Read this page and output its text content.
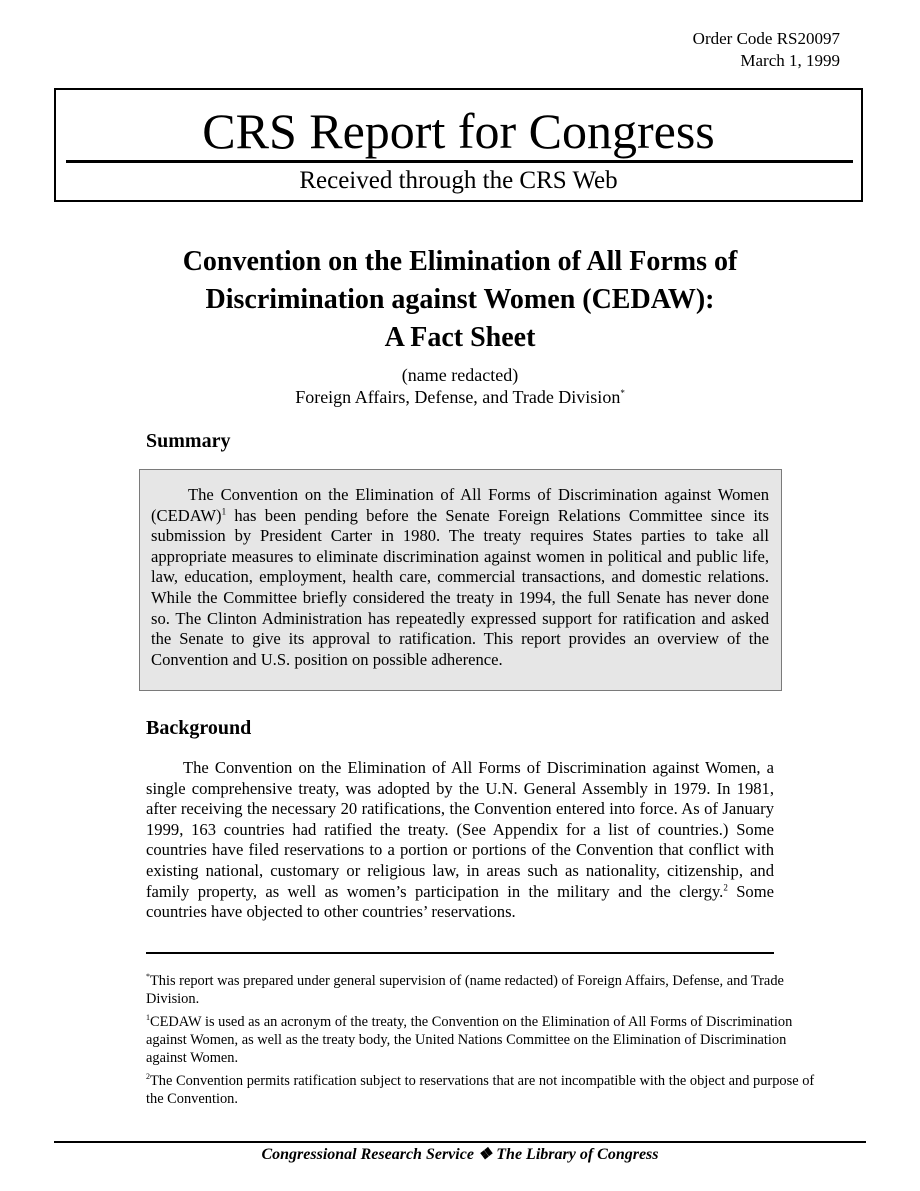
Order Code RS20097
March 1, 1999
CRS Report for Congress
Received through the CRS Web
Convention on the Elimination of All Forms of
Discrimination against Women (CEDAW):
A Fact Sheet
(name redacted)
Foreign Affairs, Defense, and Trade Division*
Summary

The Convention on the Elimination of All Forms of Discrimination against Women (CEDAW)$^1$ has been pending before the Senate Foreign Relations Committee since its submission by President Carter in 1980. The treaty requires States parties to take all appropriate measures to eliminate discrimination against women in political and public life, law, education, employment, health care, commercial transactions, and domestic relations. While the Committee briefly considered the treaty in 1994, the full Senate has never done so. The Clinton Administration has repeatedly expressed support for ratification and asked the Senate to give its approval to ratification. This report provides an overview of the Convention and U.S. position on possible adherence.

Background

The Convention on the Elimination of All Forms of Discrimination against Women, a single comprehensive treaty, was adopted by the U.N. General Assembly in 1979. In 1981, after receiving the necessary 20 ratifications, the Convention entered into force. As of January 1999, 163 countries had ratified the treaty. (See Appendix for a list of countries.) Some countries have filed reservations to a portion or portions of the Convention that conflict with existing national, customary or religious law, in areas such as nationality, citizenship, and family property, as well as women’s participation in the military and the clergy.$^2$ Some countries have objected to other countries’ reservations.

*This report was prepared under general supervision of (name redacted) of Foreign Affairs, Defense, and Trade Division.

$^1$CEDAW is used as an acronym of the treaty, the Convention on the Elimination of All Forms of Discrimination against Women, as well as the treaty body, the United Nations Committee on the Elimination of Discrimination against Women.

$^2$The Convention permits ratification subject to reservations that are not incompatible with the object and purpose of the Convention.

Congressional Research Service ❖ The Library of Congress
